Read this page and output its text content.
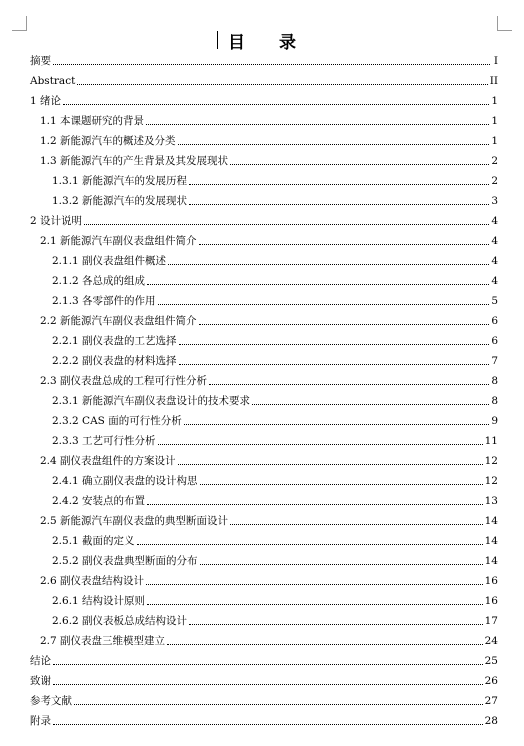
目　　录
摘要	I
Abstract	II
1 绪论	1
1.1 本课题研究的背景	1
1.2 新能源汽车的概述及分类	1
1.3 新能源汽车的产生背景及其发展现状	2
1.3.1 新能源汽车的发展历程	2
1.3.2 新能源汽车的发展现状	3
2 设计说明	4
2.1 新能源汽车副仪表盘组件简介	4
2.1.1 副仪表盘组件概述	4
2.1.2 各总成的组成	4
2.1.3 各零部件的作用	5
2.2 新能源汽车副仪表盘组件简介	6
2.2.1 副仪表盘的工艺选择	6
2.2.2 副仪表盘的材料选择	7
2.3 副仪表盘总成的工程可行性分析	8
2.3.1 新能源汽车副仪表盘设计的技术要求	8
2.3.2 CAS 面的可行性分析	9
2.3.3 工艺可行性分析	11
2.4 副仪表盘组件的方案设计	12
2.4.1 确立副仪表盘的设计构思	12
2.4.2 安装点的布置	13
2.5 新能源汽车副仪表盘的典型断面设计	14
2.5.1 截面的定义	14
2.5.2 副仪表盘典型断面的分布	14
2.6 副仪表盘结构设计	16
2.6.1 结构设计原则	16
2.6.2 副仪表板总成结构设计	17
2.7 副仪表盘三维模型建立	24
结论	25
致谢	26
参考文献	27
附录	28
